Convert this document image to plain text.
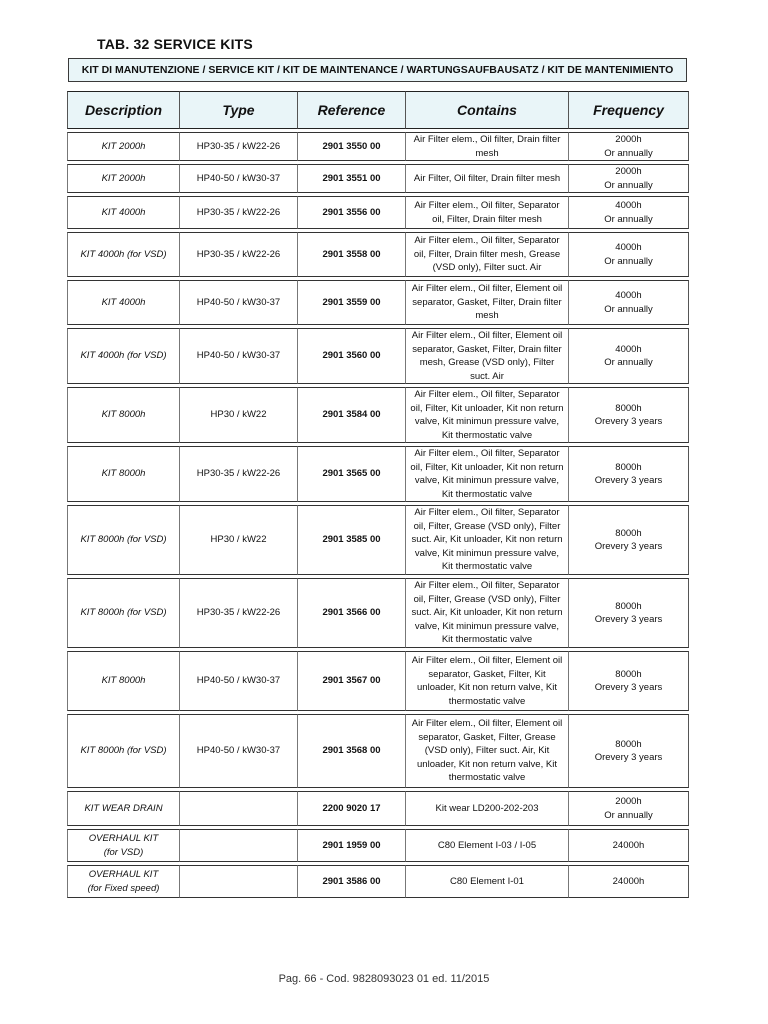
TAB. 32 SERVICE KITS
KIT DI MANUTENZIONE / SERVICE KIT / KIT DE MAINTENANCE / WARTUNGSAUFBAUSATZ / KIT DE MANTENIMIENTO
Description	Type	Reference	Contains	Frequency

KIT 2000h	HP30-35 / kW22-26	2901 3550 00	Air Filter elem., Oil filter, Drain filter mesh	2000h
Or annually

KIT 2000h	HP40-50 / kW30-37	2901 3551 00	Air Filter, Oil filter, Drain filter mesh	2000h
Or annually

KIT 4000h	HP30-35 / kW22-26	2901 3556 00	Air Filter elem., Oil filter, Separator oil, Filter, Drain filter mesh	4000h
Or annually

KIT 4000h (for VSD)	HP30-35 / kW22-26	2901 3558 00	Air Filter elem., Oil filter, Separator oil, Filter, Drain filter mesh, Grease (VSD only), Filter suct. Air	4000h
Or annually

KIT 4000h	HP40-50 / kW30-37	2901 3559 00	Air Filter elem., Oil filter, Element oil separator, Gasket, Filter, Drain filter mesh	4000h
Or annually

KIT 4000h (for VSD)	HP40-50 / kW30-37	2901 3560 00	Air Filter elem., Oil filter, Element oil separator, Gasket, Filter, Drain filter mesh, Grease (VSD only), Filter suct. Air	4000h
Or annually

KIT 8000h	HP30 / kW22	2901 3584 00	Air Filter elem., Oil filter, Separator oil, Filter, Kit unloader, Kit non return valve, Kit minimun pressure valve, Kit thermostatic valve	8000h
Orevery 3 years

KIT 8000h	HP30-35 / kW22-26	2901 3565 00	Air Filter elem., Oil filter, Separator oil, Filter, Kit unloader, Kit non return valve, Kit minimun pressure valve, Kit thermostatic valve	8000h
Orevery 3 years

KIT 8000h (for VSD)	HP30 / kW22	2901 3585 00	Air Filter elem., Oil filter, Separator oil, Filter, Grease (VSD only), Filter suct. Air, Kit unloader, Kit non return valve, Kit minimun pressure valve, Kit thermostatic valve	8000h
Orevery 3 years

KIT 8000h (for VSD)	HP30-35 / kW22-26	2901 3566 00	Air Filter elem., Oil filter, Separator oil, Filter, Grease (VSD only), Filter suct. Air, Kit unloader, Kit non return valve, Kit minimun pressure valve, Kit thermostatic valve	8000h
Orevery 3 years

KIT 8000h	HP40-50 / kW30-37	2901 3567 00	Air Filter elem., Oil filter, Element oil separator, Gasket, Filter, Kit unloader, Kit non return valve, Kit thermostatic valve	8000h
Orevery 3 years

KIT 8000h (for VSD)	HP40-50 / kW30-37	2901 3568 00	Air Filter elem., Oil filter, Element oil separator, Gasket, Filter, Grease (VSD only), Filter suct. Air, Kit unloader, Kit non return valve, Kit thermostatic valve	8000h
Orevery 3 years

KIT WEAR DRAIN		2200 9020 17	Kit wear LD200-202-203	2000h
Or annually

OVERHAUL KIT
(for VSD)		2901 1959 00	C80 Element I-03 / I-05	24000h

OVERHAUL KIT
(for Fixed speed)		2901 3586 00	C80 Element I-01	24000h
Pag. 66 - Cod. 9828093023 01 ed. 11/2015
